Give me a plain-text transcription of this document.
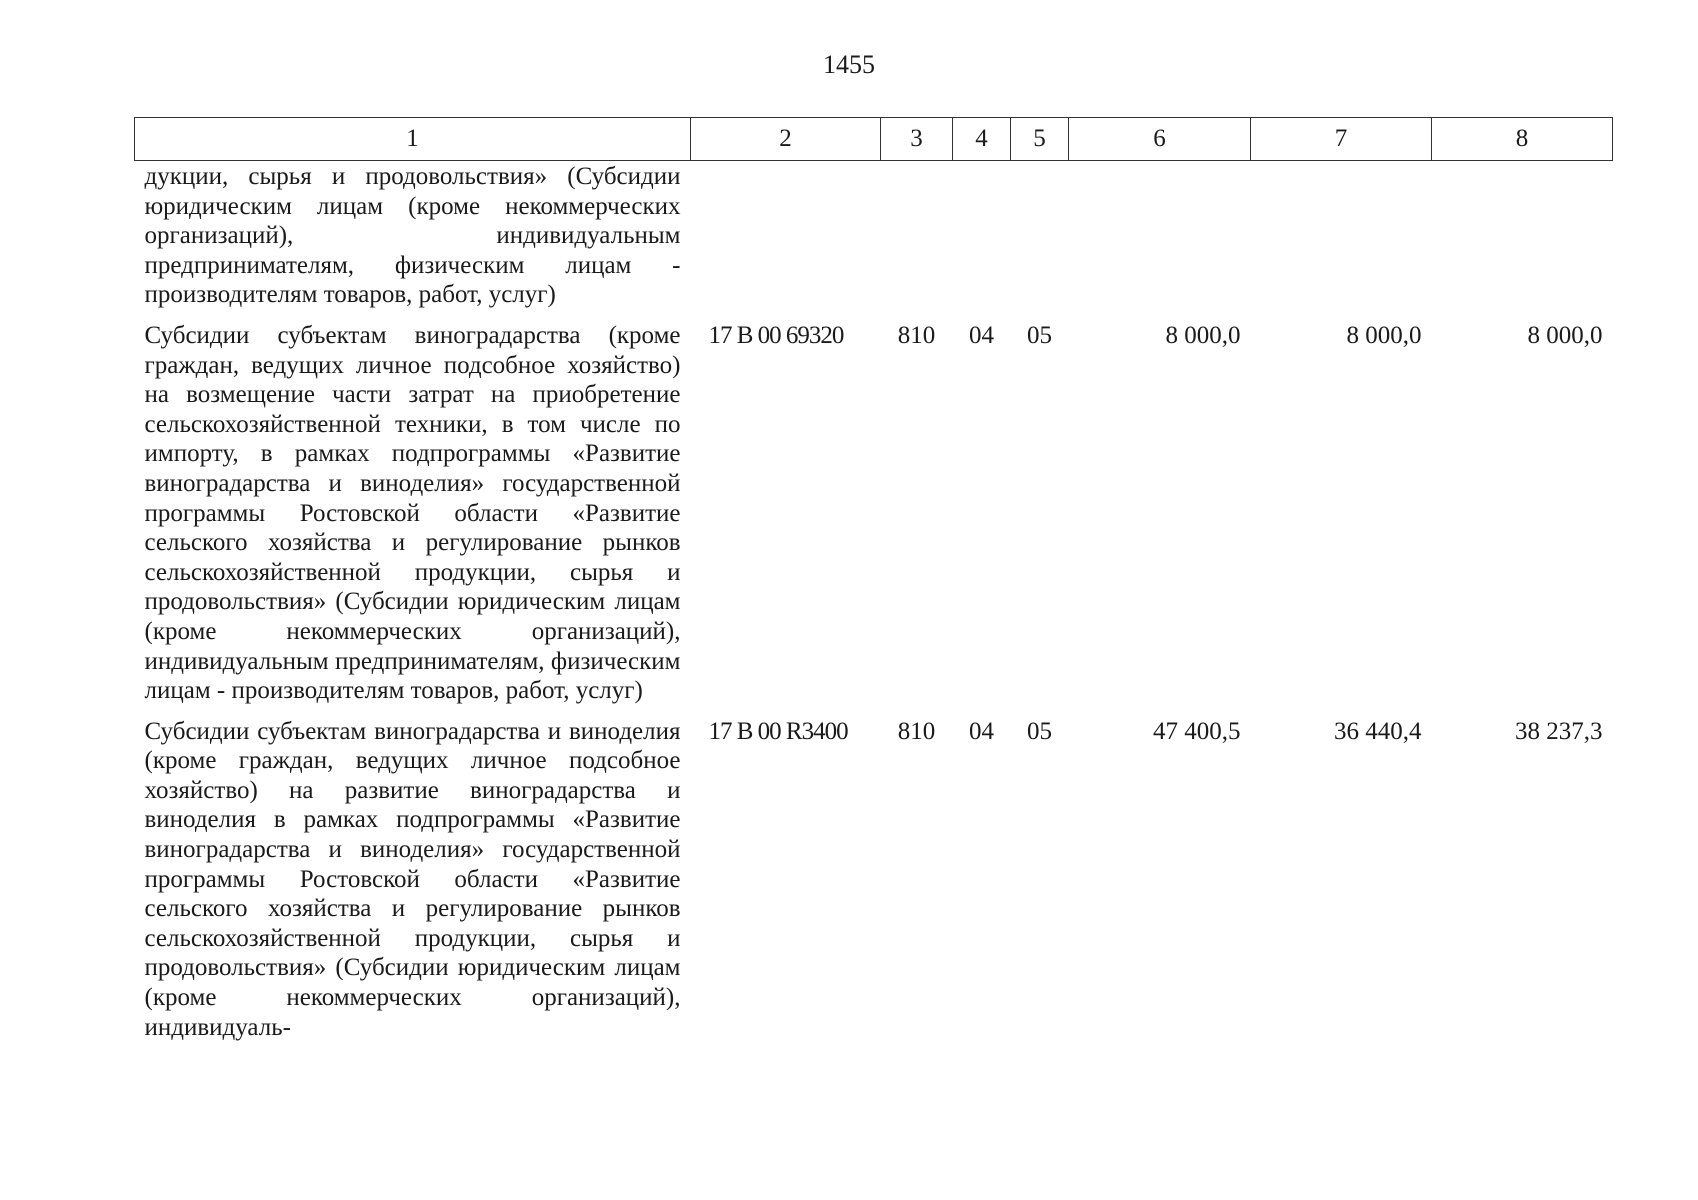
1455
1	2	3	4	5	6	7	8
дукции, сырья и продовольствия» (Субсидии юридическим лицам (кроме некоммерческих организаций), индивидуальным предпринимателям, физическим лицам - производителям товаров, работ, услуг)							
Субсидии субъектам виноградарства (кроме граждан, ведущих личное подсобное хозяйство) на возмещение части затрат на приобретение сельскохозяйственной техники, в том числе по импорту, в рамках подпрограммы «Развитие виноградарства и виноделия» государственной программы Ростовской области «Развитие сельского хозяйства и регулирование рынков сельскохозяйственной продукции, сырья и продовольствия» (Субсидии юридическим лицам (кроме некоммерческих организаций), индивидуальным предпринимателям, физическим лицам - производителям товаров, работ, услуг)	17 В 00 69320	810	04	05	8 000,0	8 000,0	8 000,0
Субсидии субъектам виноградарства и виноделия (кроме граждан, ведущих личное подсобное хозяйство) на развитие виноградарства и виноделия в рамках подпрограммы «Развитие виноградарства и виноделия» государственной программы Ростовской области «Развитие сельского хозяйства и регулирование рынков сельскохозяйственной продукции, сырья и продовольствия» (Субсидии юридическим лицам (кроме некоммерческих организаций), индивидуаль-	17 В 00 R3400	810	04	05	47 400,5	36 440,4	38 237,3
